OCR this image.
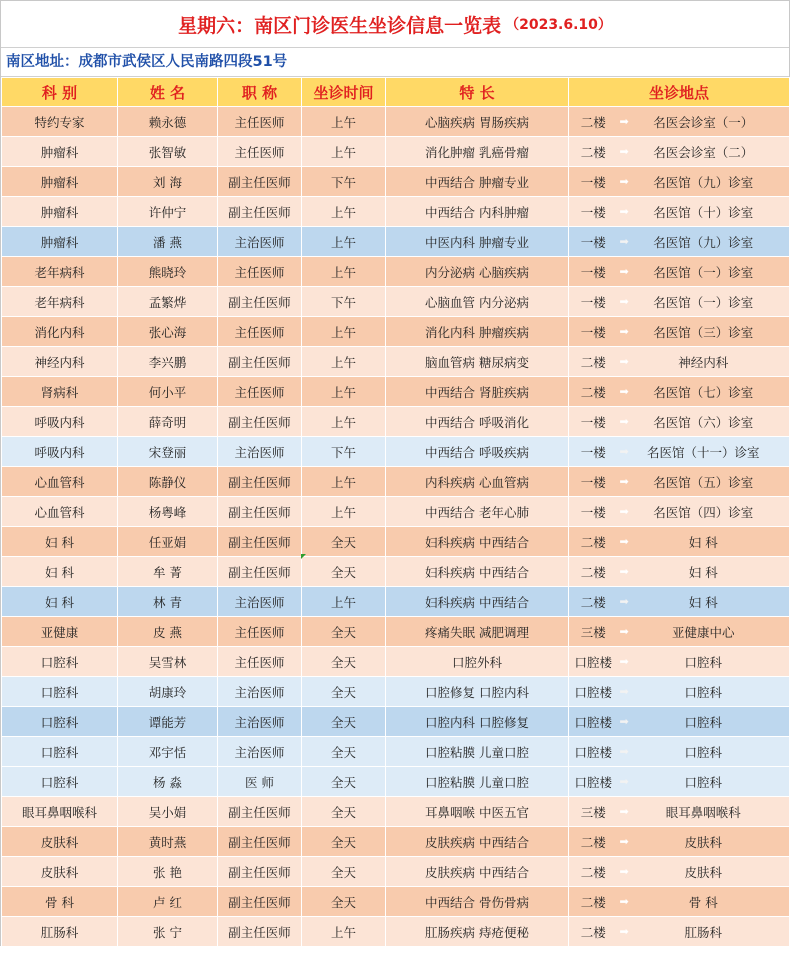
星期六：南区门诊医生坐诊信息一览表 （2023.6.10）
南区地址：成都市武侯区人民南路四段51号
科 别	姓 名	职 称	坐诊时间	特 长	坐诊地点	
特约专家	赖永德	主任医师	上午	心脑疾病 胃肠疾病	二楼	➡ 名医会诊室（一）
肿瘤科	张智敏	主任医师	上午	消化肿瘤 乳癌骨瘤	二楼	➡ 名医会诊室（二）
肿瘤科	刘 海	副主任医师	下午	中西结合 肿瘤专业	一楼	➡ 名医馆（九）诊室
肿瘤科	许仲宁	副主任医师	上午	中西结合 内科肿瘤	一楼	➡ 名医馆（十）诊室
肿瘤科	潘 燕	主治医师	上午	中医内科 肿瘤专业	一楼	➡ 名医馆（九）诊室
老年病科	熊晓玲	主任医师	上午	内分泌病 心脑疾病	一楼	➡ 名医馆（一）诊室
老年病科	孟繁烨	副主任医师	下午	心脑血管 内分泌病	一楼	➡ 名医馆（一）诊室
消化内科	张心海	主任医师	上午	消化内科 肿瘤疾病	一楼	➡ 名医馆（三）诊室
神经内科	李兴鹏	副主任医师	上午	脑血管病 糖尿病变	二楼	➡ 神经内科
肾病科	何小平	主任医师	上午	中西结合 肾脏疾病	二楼	➡ 名医馆（七）诊室
呼吸内科	薛奇明	副主任医师	上午	中西结合 呼吸消化	一楼	➡ 名医馆（六）诊室
呼吸内科	宋登丽	主治医师	下午	中西结合 呼吸疾病	一楼	➡ 名医馆（十一）诊室
心血管科	陈静仪	副主任医师	上午	内科疾病 心血管病	一楼	➡ 名医馆（五）诊室
心血管科	杨粤峰	副主任医师	上午	中西结合 老年心肺	一楼	➡ 名医馆（四）诊室
妇 科	任亚娟	副主任医师	全天	妇科疾病 中西结合	二楼	➡ 妇 科
妇 科	牟 菁	副主任医师	全天	妇科疾病 中西结合	二楼	➡ 妇 科
妇 科	林 青	主治医师	上午	妇科疾病 中西结合	二楼	➡ 妇 科
亚健康	皮 燕	主任医师	全天	疼痛失眠 减肥调理	三楼	➡ 亚健康中心
口腔科	吴雪林	主任医师	全天	口腔外科	口腔楼	➡ 口腔科
口腔科	胡康玲	主治医师	全天	口腔修复 口腔内科	口腔楼	➡ 口腔科
口腔科	谭能芳	主治医师	全天	口腔内科 口腔修复	口腔楼	➡ 口腔科
口腔科	邓宇恬	主治医师	全天	口腔粘膜 儿童口腔	口腔楼	➡ 口腔科
口腔科	杨 淼	医 师	全天	口腔粘膜 儿童口腔	口腔楼	➡ 口腔科
眼耳鼻咽喉科	吴小娟	副主任医师	全天	耳鼻咽喉 中医五官	三楼	➡ 眼耳鼻咽喉科
皮肤科	黄时燕	副主任医师	全天	皮肤疾病 中西结合	二楼	➡ 皮肤科
皮肤科	张 艳	副主任医师	全天	皮肤疾病 中西结合	二楼	➡ 皮肤科
骨 科	卢 红	副主任医师	全天	中西结合 骨伤骨病	二楼	➡ 骨 科
肛肠科	张 宁	副主任医师	上午	肛肠疾病 痔疮便秘	二楼	➡ 肛肠科
